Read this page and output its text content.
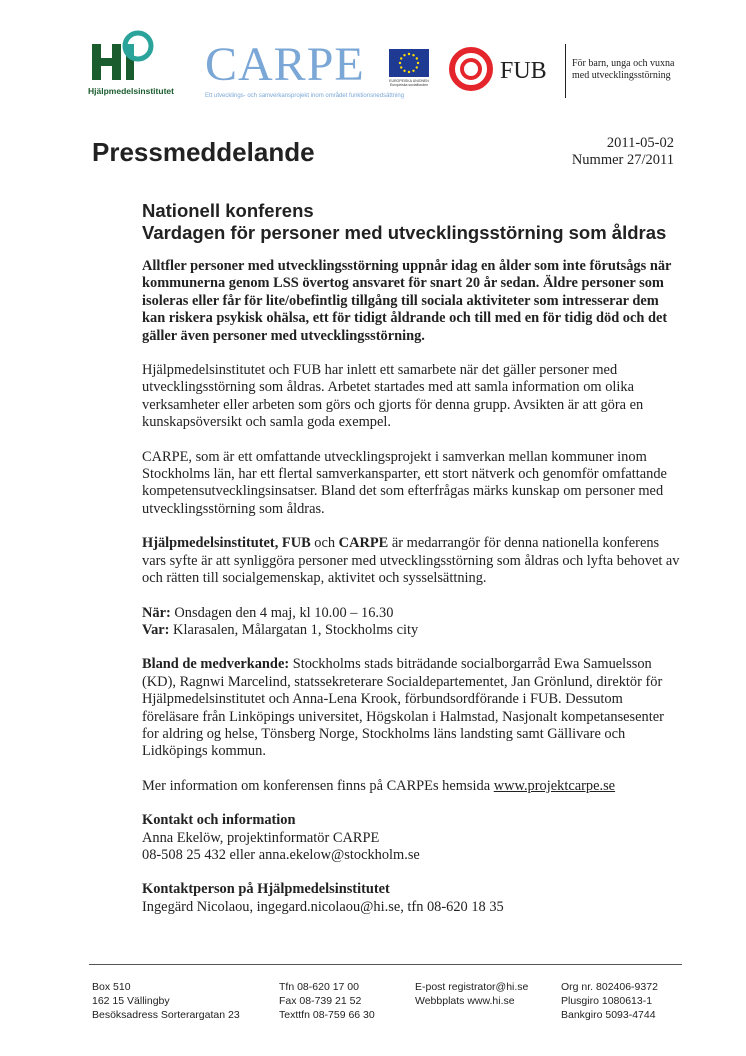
Hjälpmedelsinstitutet CARPE
Ett utvecklings- och samverkansprojekt inom området funktionsnedsättning
EUROPEISKA UNIONEN Europeiska socialfonden
FUB	För barn, unga och vuxna med utvecklingsstörning
Pressmeddelande	2011-05-02
Nummer 27/2011
Nationell konferens
Vardagen för personer med utvecklingsstörning som åldras

Alltfler personer med utvecklingsstörning uppnår idag en ålder som inte förutsågs när kommunerna genom LSS övertog ansvaret för snart 20 år sedan. Äldre personer som isoleras eller får för lite/obefintlig tillgång till sociala aktiviteter som intresserar dem kan riskera psykisk ohälsa, ett för tidigt åldrande och till med en för tidig död och det gäller även personer med utvecklingsstörning.

Hjälpmedelsinstitutet och FUB har inlett ett samarbete när det gäller personer med utvecklingsstörning som åldras. Arbetet startades med att samla information om olika verksamheter eller arbeten som görs och gjorts för denna grupp. Avsikten är att göra en kunskapsöversikt och samla goda exempel.

CARPE, som är ett omfattande utvecklingsprojekt i samverkan mellan kommuner inom Stockholms län, har ett flertal samverkansparter, ett stort nätverk och genomför omfattande kompetensutvecklingsinsatser. Bland det som efterfrågas märks kunskap om personer med utvecklingsstörning som åldras.

Hjälpmedelsinstitutet, FUB och CARPE är medarrangör för denna nationella konferens vars syfte är att synliggöra personer med utvecklingsstörning som åldras och lyfta behovet av och rätten till socialgemenskap, aktivitet och sysselsättning.

När: Onsdagen den 4 maj, kl 10.00 – 16.30

Var: Klarasalen, Målargatan 1, Stockholms city

Bland de medverkande: Stockholms stads biträdande socialborgarråd Ewa Samuelsson (KD), Ragnwi Marcelind, statssekreterare Socialdepartementet, Jan Grönlund, direktör för Hjälpmedelsinstitutet och Anna-Lena Krook, förbundsordförande i FUB. Dessutom föreläsare från Linköpings universitet, Högskolan i Halmstad, Nasjonalt kompetansesenter for aldring og helse, Tönsberg Norge, Stockholms läns landsting samt Gällivare och Lidköpings kommun.

Mer information om konferensen finns på CARPEs hemsida www.projektcarpe.se

Kontakt och information
Anna Ekelöw, projektinformatör CARPE
08-508 25 432 eller anna.ekelow@stockholm.se

Kontaktperson på Hjälpmedelsinstitutet
Ingegärd Nicolaou, ingegard.nicolaou@hi.se, tfn 08-620 18 35

Box 510
162 15 Vällingby
Besöksadress Sorterargatan 23
Tfn 08-620 17 00
Fax 08-739 21 52
Texttfn 08-759 66 30
E-post registrator@hi.se
Webbplats www.hi.se
Org nr. 802406-9372
Plusgiro 1080613-1
Bankgiro 5093-4744
